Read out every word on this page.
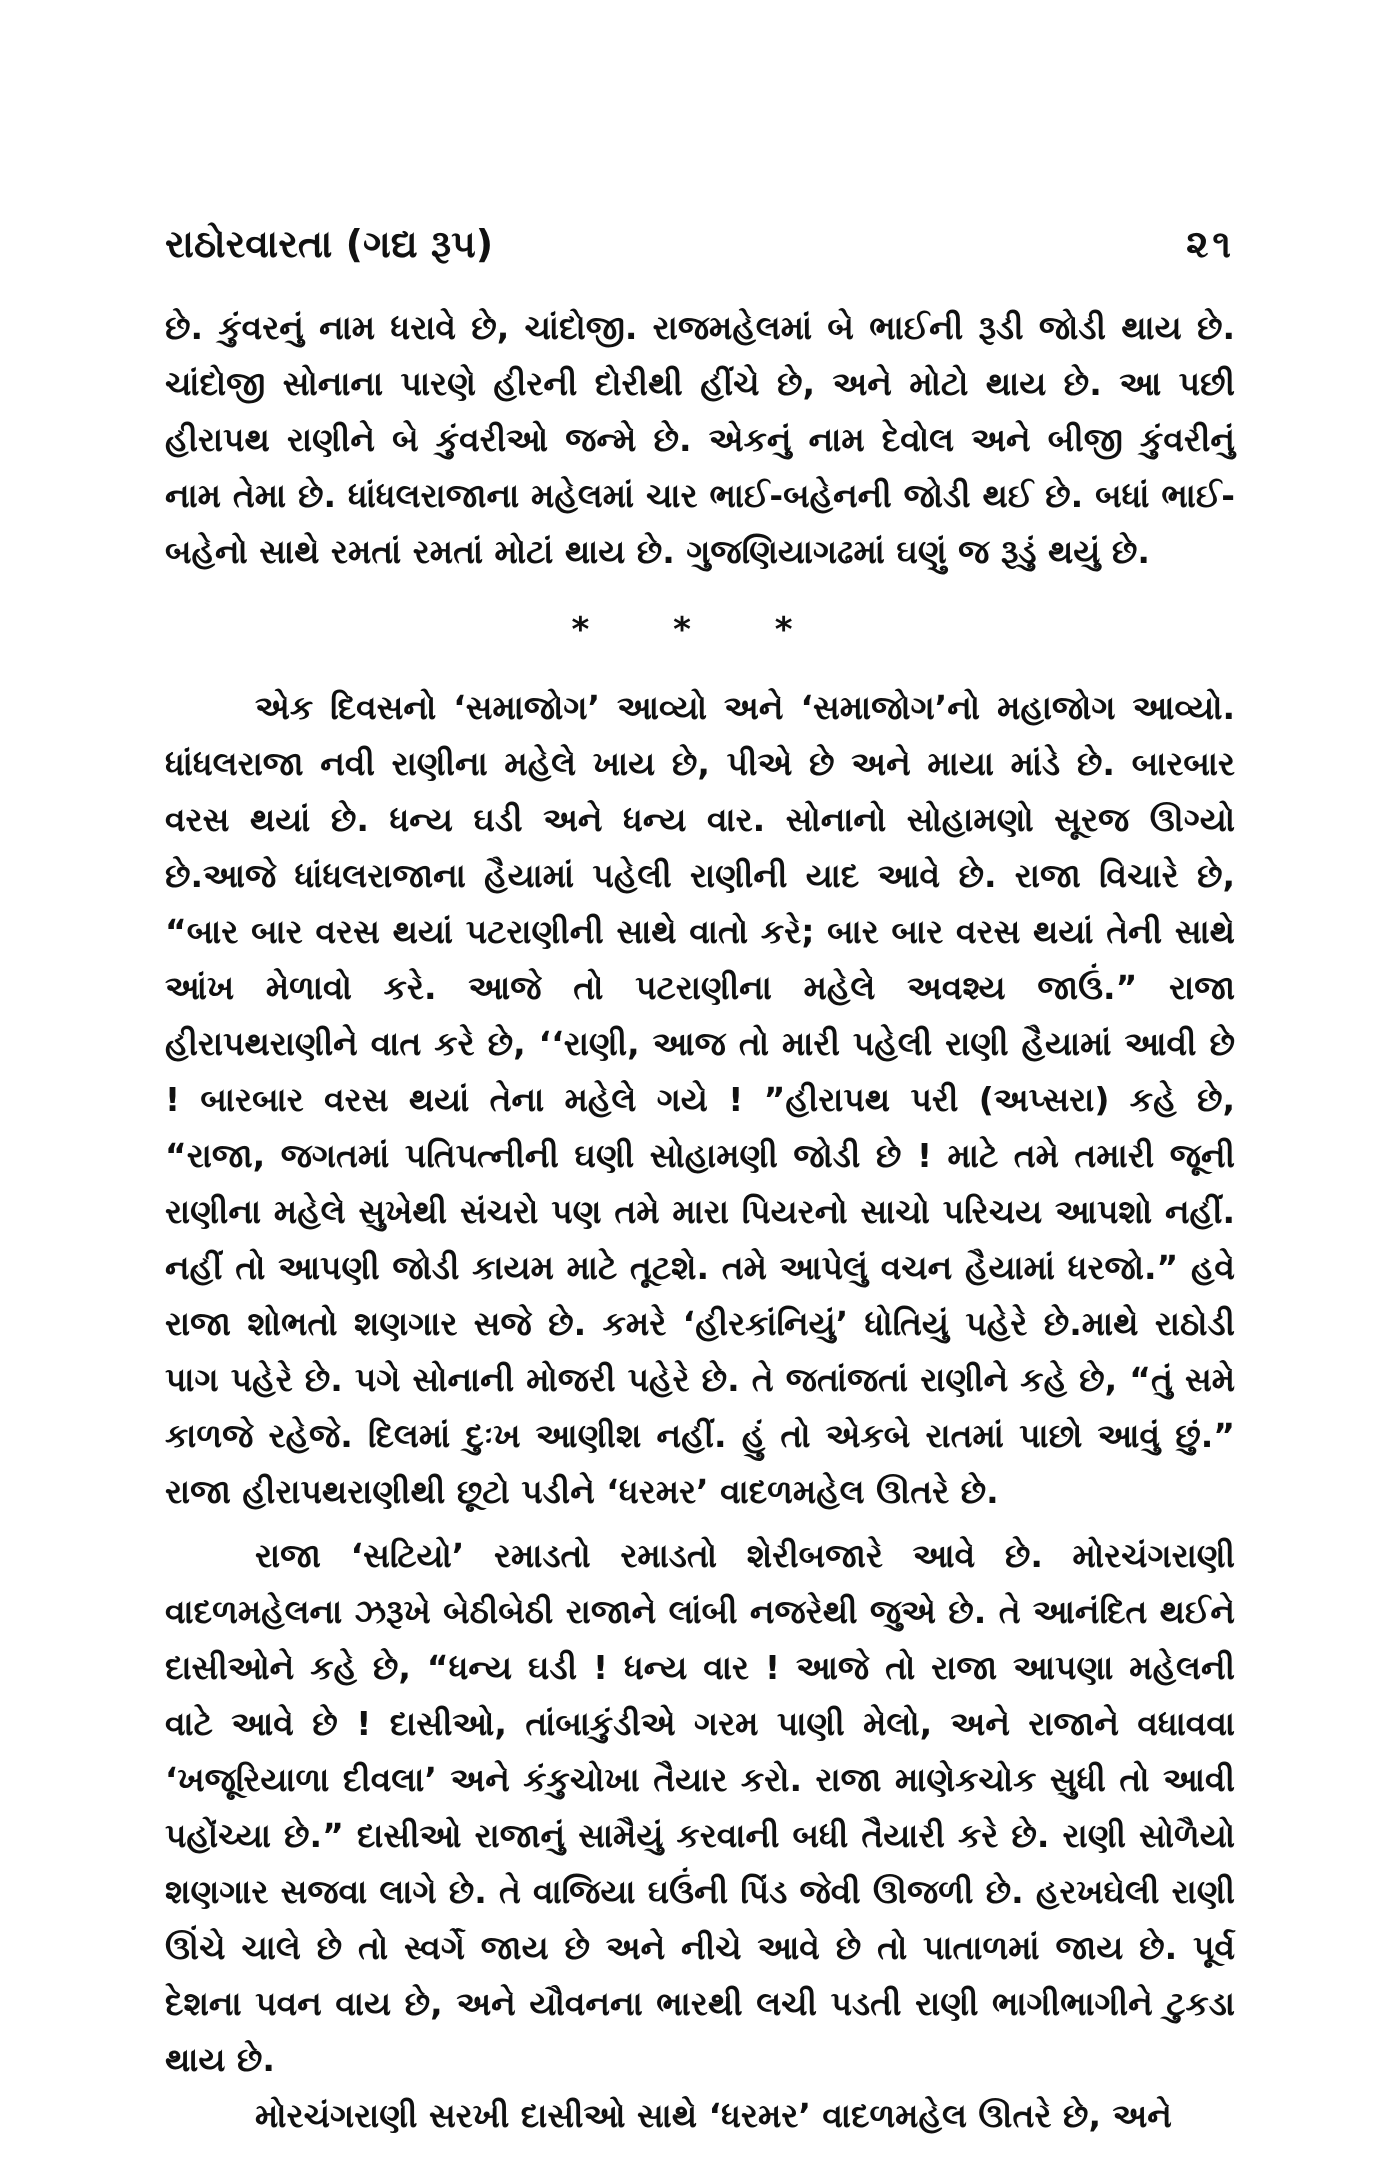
રાઠોરવારતા (ગદ્ય રૂપ)	૨૧

છે. કુંવરનું નામ ધરાવે છે, ચાંદોજી. રાજમહેલમાં બે ભાઈની રૂડી જોડી થાય છે. ચાંદોજી સોનાના પારણે હીરની દોરીથી હીંચે છે, અને મોટો થાય છે. આ પછી હીરાપથ રાણીને બે કુંવરીઓ જન્મે છે. એકનું નામ દેવોલ અને બીજી કુંવરીનું નામ તેમા છે. ધાંધલરાજાના મહેલમાં ચાર ભાઈ-બહેનની જોડી થઈ છે. બધાં ભાઈ-બહેનો સાથે રમતાં રમતાં મોટાં થાય છે. ગુજણિયાગઢમાં ઘણું જ રૂડું થયું છે.

* * *

એક દિવસનો ‘સમાજોગ’ આવ્યો અને ‘સમાજોગ’નો મહાજોગ આવ્યો. ધાંધલરાજા નવી રાણીના મહેલે ખાય છે, પીએ છે અને માયા માંડે છે. બારબાર વરસ થયાં છે. ધન્ય ઘડી અને ધન્ય વાર. સોનાનો સોહામણો સૂરજ ઊગ્યો છે.આજે ધાંધલરાજાના હૈયામાં પહેલી રાણીની યાદ આવે છે. રાજા વિચારે છે, “બાર બાર વરસ થયાં પટરાણીની સાથે વાતો કરે; બાર બાર વરસ થયાં તેની સાથે આંખ મેળાવો કરે. આજે તો પટરાણીના મહેલે અવશ્ય જાઉં.” રાજા હીરાપથરાણીને વાત કરે છે, ‘‘રાણી, આજ તો મારી પહેલી રાણી હૈયામાં આવી છે ! બારબાર વરસ થયાં તેના મહેલે ગયે ! ”હીરાપથ પરી (અપ્સરા) કહે છે, “રાજા, જગતમાં પતિપત્નીની ઘણી સોહામણી જોડી છે ! માટે તમે તમારી જૂની રાણીના મહેલે સુખેથી સંચરો પણ તમે મારા પિયરનો સાચો પરિચય આપશો નહીં. નહીં તો આપણી જોડી કાયમ માટે તૂટશે. તમે આપેલું વચન હૈયામાં ધરજો.” હવે રાજા શોભતો શણગાર સજે છે. કમરે ‘હીરકાંનિયું’ ધોતિયું પહેરે છે.માથે રાઠોડી પાગ પહેરે છે. પગે સોનાની મોજરી પહેરે છે. તે જતાંજતાં રાણીને કહે છે, “તું સમે કાળજે રહેજે. દિલમાં દુઃખ આણીશ નહીં. હું તો એકબે રાતમાં પાછો આવું છું.” રાજા હીરાપથરાણીથી છૂટો પડીને ‘ધરમર’ વાદળમહેલ ઊતરે છે.

રાજા ‘સટિયો’ રમાડતો રમાડતો શેરીબજારે આવે છે. મોરચંગરાણી વાદળમહેલના ઝરૂખે બેઠીબેઠી રાજાને લાંબી નજરેથી જુએ છે. તે આનંદિત થઈને દાસીઓને કહે છે, “ધન્ય ઘડી ! ધન્ય વાર ! આજે તો રાજા આપણા મહેલની વાટે આવે છે ! દાસીઓ, તાંબાકુંડીએ ગરમ પાણી મેલો, અને રાજાને વધાવવા ‘ખજૂરિયાળા દીવલા’ અને કંકુચોખા તૈયાર કરો. રાજા માણેકચોક સુધી તો આવી પહોંચ્યા છે.” દાસીઓ રાજાનું સામૈયું કરવાની બધી તૈયારી કરે છે. રાણી સોળૈયો શણગાર સજવા લાગે છે. તે વાજિયા ઘઉંની પિંડ જેવી ઊજળી છે. હરખઘેલી રાણી ઊંચે ચાલે છે તો સ્વર્ગે જાય છે અને નીચે આવે છે તો પાતાળમાં જાય છે. પૂર્વ દેશના પવન વાય છે, અને યૌવનના ભારથી લચી પડતી રાણી ભાગીભાગીને ટુકડા થાય છે.

મોરચંગરાણી સરખી દાસીઓ સાથે ‘ધરમર’ વાદળમહેલ ઊતરે છે, અને
